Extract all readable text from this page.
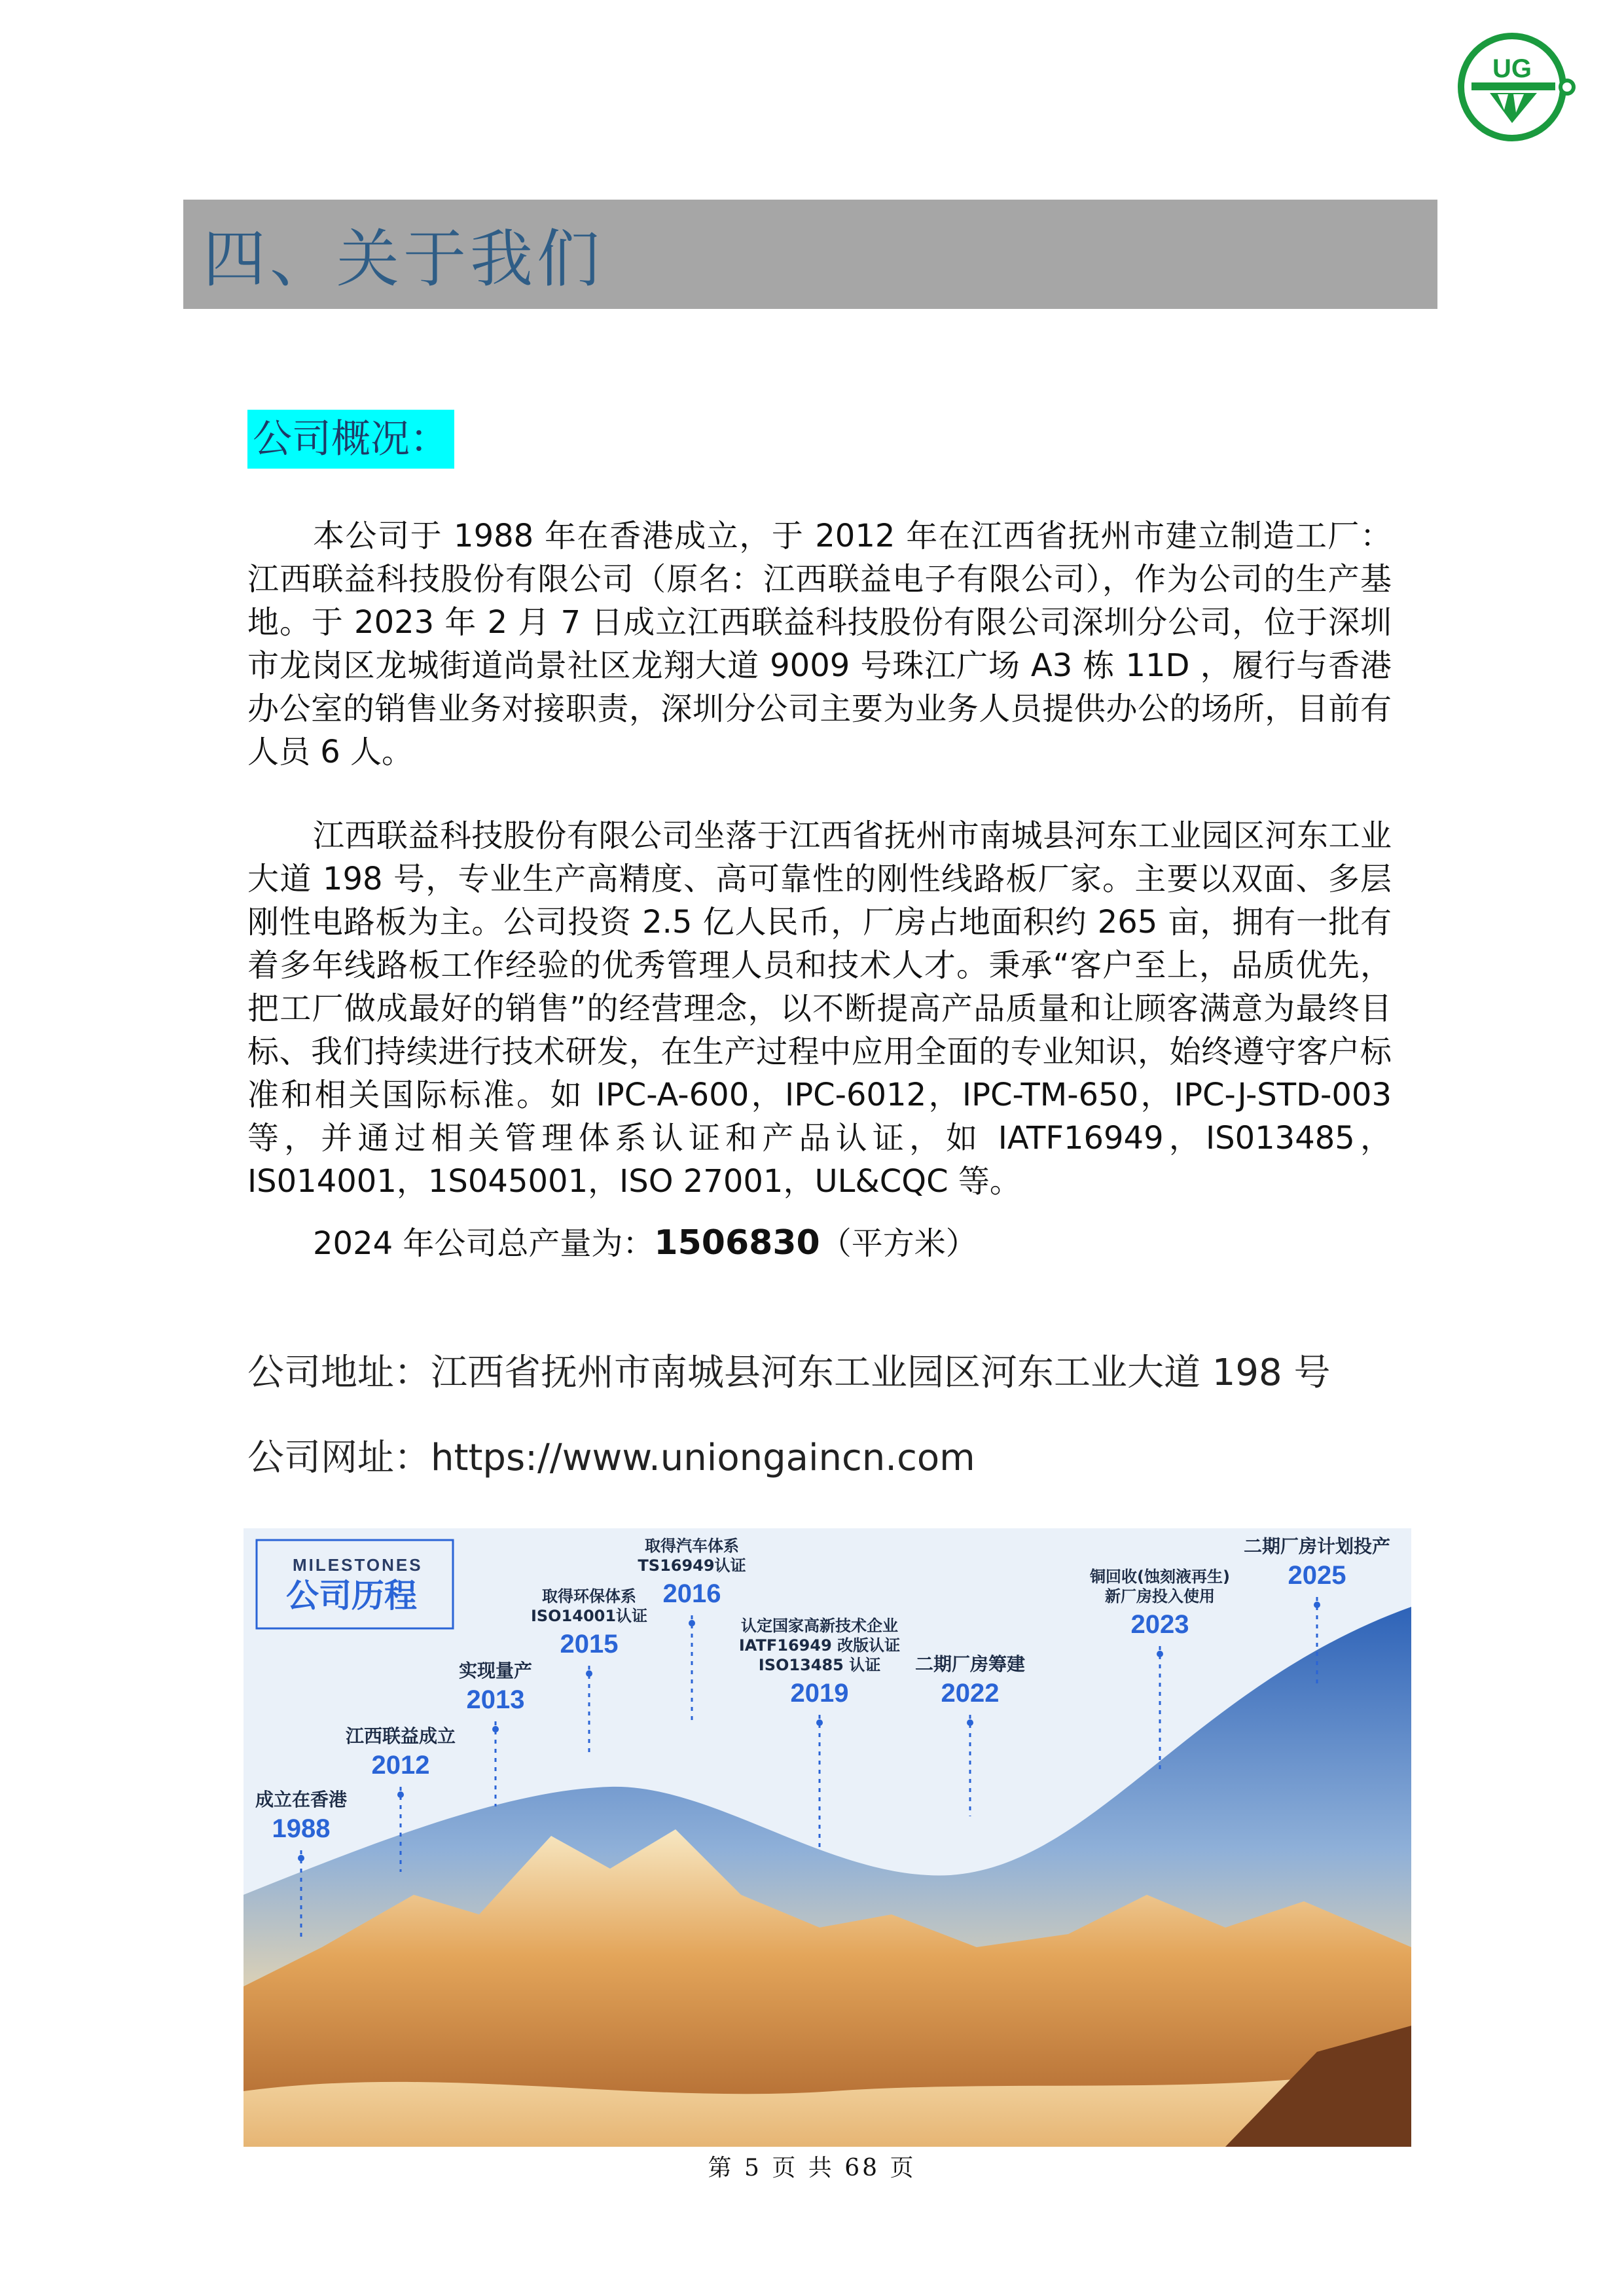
UG
四、关于我们
公司概况：

本公司于 1988 年在香港成立，于 2012 年在江西省抚州市建立制造工厂：江西联益科技股份有限公司（原名：江西联益电子有限公司），作为公司的生产基地。于 2023 年 2 月 7 日成立江西联益科技股份有限公司深圳分公司，位于深圳市龙岗区龙城街道尚景社区龙翔大道 9009 号珠江广场 A3 栋 11D ，履行与香港办公室的销售业务对接职责，深圳分公司主要为业务人员提供办公的场所，目前有人员 6 人。

江西联益科技股份有限公司坐落于江西省抚州市南城县河东工业园区河东工业大道 198 号，专业生产高精度、高可靠性的刚性线路板厂家。主要以双面、多层刚性电路板为主。公司投资 2.5 亿人民币，厂房占地面积约 265 亩，拥有一批有着多年线路板工作经验的优秀管理人员和技术人才。秉承“客户至上，品质优先，把工厂做成最好的销售”的经营理念，以不断提高产品质量和让顾客满意为最终目标、我们持续进行技术研发，在生产过程中应用全面的专业知识，始终遵守客户标准和相关国际标准。如 IPC-A-600，IPC-6012，IPC-TM-650，IPC-J-STD-003 等，并通过相关管理体系认证和产品认证，如 IATF16949，IS013485，IS014001，1S045001，ISO 27001，UL&CQC 等。

2024 年公司总产量为：1506830（平方米）
公司地址：江西省抚州市南城县河东工业园区河东工业大道 198 号
公司网址：https://www.uniongaincn.com
MILESTONES
公司历程
1988
成立在香港
2012
江西联益成立
2013
实现量产
2015
取得环保体系
ISO14001认证
2016
取得汽车体系
TS16949认证
2019
认定国家高新技术企业
IATF16949 改版认证
ISO13485 认证
2022
二期厂房筹建
2023
铜回收(蚀刻液再生)
新厂房投入使用
2025
二期厂房计划投产
第 5 页 共 68 页
